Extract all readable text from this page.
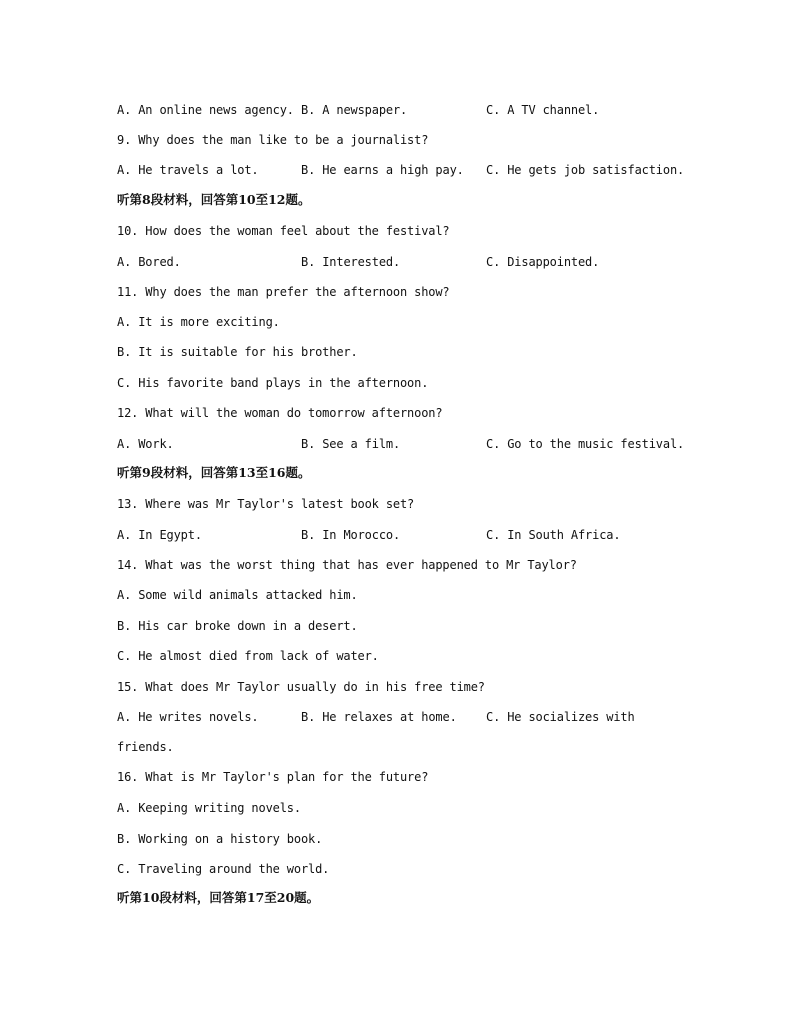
A. An online news agency.

B. A newspaper.

	C. A TV channel.

9. Why does the man like to be a journalist?

A. He travels a lot.

	B. He earns a high pay.

C. He gets job satisfaction.

听第8段材料，回答第10至12题。
10. How does the woman feel about the festival?

A. Bored.

	B. Interested.

	C. Disappointed.

11. Why does the man prefer the afternoon show?
A. It is more exciting.
B. It is suitable for his brother.
C. His favorite band plays in the afternoon.
12. What will the woman do tomorrow afternoon?

A. Work.

	B. See a film.

	C. Go to the music festival.

听第9段材料，回答第13至16题。
13. Where was Mr Taylor's latest book set?

A. In Egypt.

	B. In Morocco.

	C. In South Africa.

14. What was the worst thing that has ever happened to Mr Taylor?
A. Some wild animals attacked him.
B. His car broke down in a desert.
C. He almost died from lack of water.
15. What does Mr Taylor usually do in his free time?

A. He writes novels.

	B. He relaxes at home.

C. He socializes with

friends.
16. What is Mr Taylor's plan for the future?
A. Keeping writing novels.
B. Working on a history book.
C. Traveling around the world.
听第10段材料，回答第17至20题。
